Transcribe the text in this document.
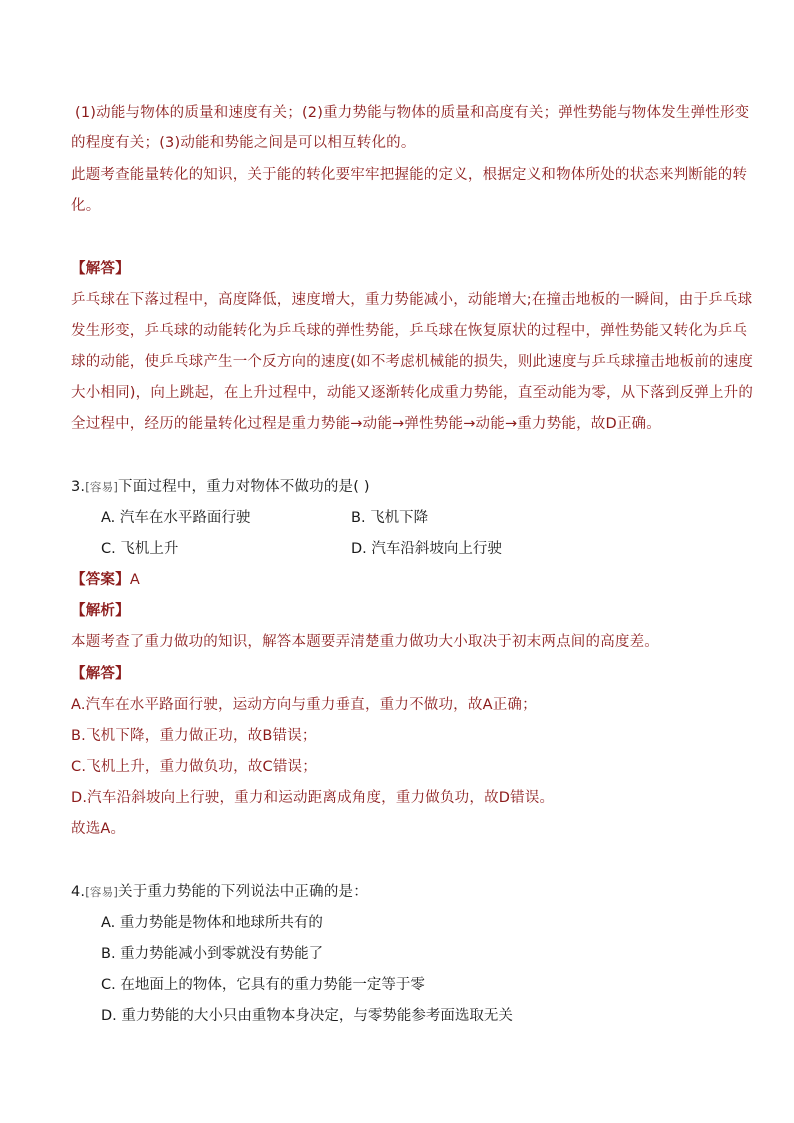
(1)动能与物体的质量和速度有关；(2)重力势能与物体的质量和高度有关；弹性势能与物体发生弹性形变
的程度有关；(3)动能和势能之间是可以相互转化的。
此题考查能量转化的知识，关于能的转化要牢牢把握能的定义，根据定义和物体所处的状态来判断能的转
化。
【解答】
乒乓球在下落过程中，高度降低，速度增大，重力势能减小，动能增大;在撞击地板的一瞬间，由于乒乓球
发生形变，乒乓球的动能转化为乒乓球的弹性势能，乒乓球在恢复原状的过程中，弹性势能又转化为乒乓
球的动能，使乒乓球产生一个反方向的速度(如不考虑机械能的损失，则此速度与乒乓球撞击地板前的速度
大小相同)，向上跳起，在上升过程中，动能又逐渐转化成重力势能，直至动能为零，从下落到反弹上升的
全过程中，经历的能量转化过程是重力势能→动能→弹性势能→动能→重力势能，故D正确。
3.[容易]下面过程中，重力对物体不做功的是( )
A. 汽车在水平路面行驶	B. 飞机下降
C. 飞机上升	D. 汽车沿斜坡向上行驶
【答案】A
【解析】
本题考查了重力做功的知识，解答本题要弄清楚重力做功大小取决于初末两点间的高度差。
【解答】
A.汽车在水平路面行驶，运动方向与重力垂直，重力不做功，故A正确；
B.飞机下降，重力做正功，故B错误；
C.飞机上升，重力做负功，故C错误；
D.汽车沿斜坡向上行驶，重力和运动距离成角度，重力做负功，故D错误。
故选A。
4.[容易]关于重力势能的下列说法中正确的是：
A. 重力势能是物体和地球所共有的
B. 重力势能减小到零就没有势能了
C. 在地面上的物体，它具有的重力势能一定等于零
D. 重力势能的大小只由重物本身决定，与零势能参考面选取无关
